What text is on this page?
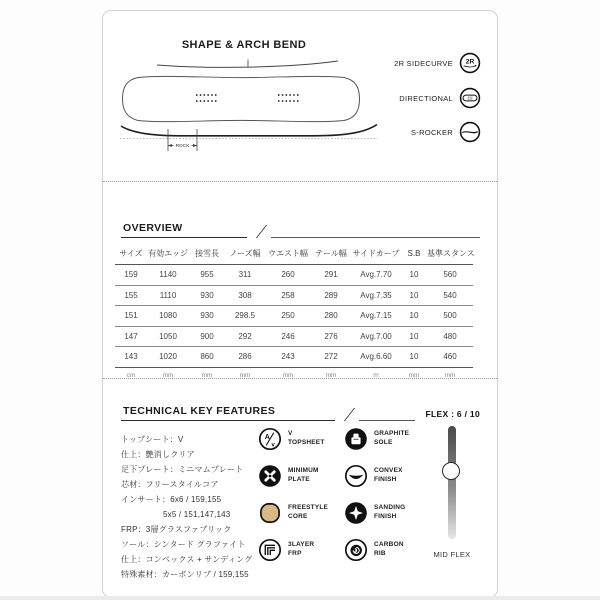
SHAPE & ARCH BEND
ROCK
2R SIDECURVE 2R
DIRECTIONAL
S-ROCKER
OVERVIEW
サイズ	有効エッジ	接雪長	ノーズ幅	ウエスト幅	テール幅	サイドカーブ	S.B	基準スタンス
159	1140	955	311	260	291	Avg.7.70	10	560
155	1110	930	308	258	289	Avg.7.35	10	540
151	1080	930	298.5	250	280	Avg.7.15	10	500
147	1050	900	292	246	276	Avg.7.00	10	480
143	1020	860	286	243	272	Avg.6.60	10	460
cm	mm	mm	mm	mm	mm	m	mm	mm
TECHNICAL KEY FEATURES	FLEX : 6 / 10
トップシート：V
仕上：艶消しクリア
足下プレート：ミニマムプレート
芯材：フリースタイルコア
インサート：6x6 / 159,155
5x5 / 151,147,143
FRP：3層グラスファブリック
ソール：シンタード グラファイト
仕上：コンベックス + サンディング
特殊素材：カーボンリブ / 159,155
A
v
V
TOPSHEET
GRAPHITE
SOLE
MINIMUM
PLATE
CONVEX
FINISH
FREESTYLE
CORE
SANDING
FINISH
3LAYER
FRP
CARBON
RIB	MID FLEX
